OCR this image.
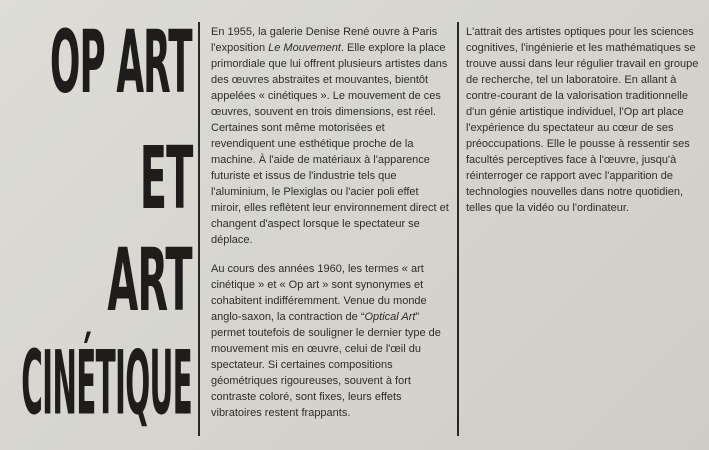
OP ART
ET
ART
CINÉTIQUE

En 1955, la galerie Denise René ouvre à Paris l'exposition Le Mouvement. Elle explore la place primordiale que lui offrent plusieurs artistes dans des œuvres abstraites et mouvantes, bientôt appelées « cinétiques ». Le mouvement de ces œuvres, souvent en trois dimensions, est réel. Certaines sont même motorisées et revendiquent une esthétique proche de la machine. À l'aide de matériaux à l'apparence futuriste et issus de l'industrie tels que l'aluminium, le Plexiglas ou l'acier poli effet miroir, elles reflètent leur environnement direct et changent d'aspect lorsque le spectateur se déplace.

Au cours des années 1960, les termes « art cinétique » et « Op art » sont synonymes et cohabitent indifféremment. Venue du monde anglo-saxon, la contraction de “Optical Art” permet toutefois de souligner le dernier type de mouvement mis en œuvre, celui de l'œil du spectateur. Si certaines compositions géométriques rigoureuses, souvent à fort contraste coloré, sont fixes, leurs effets vibratoires restent frappants.

L'attrait des artistes optiques pour les sciences cognitives, l'ingénierie et les mathématiques se trouve aussi dans leur régulier travail en groupe de recherche, tel un laboratoire. En allant à contre-courant de la valorisation traditionnelle d'un génie artistique individuel, l'Op art place l'expérience du spectateur au cœur de ses préoccupations. Elle le pousse à ressentir ses facultés perceptives face à l'œuvre, jusqu'à réinterroger ce rapport avec l'apparition de technologies nouvelles dans notre quotidien, telles que la vidéo ou l'ordinateur.
